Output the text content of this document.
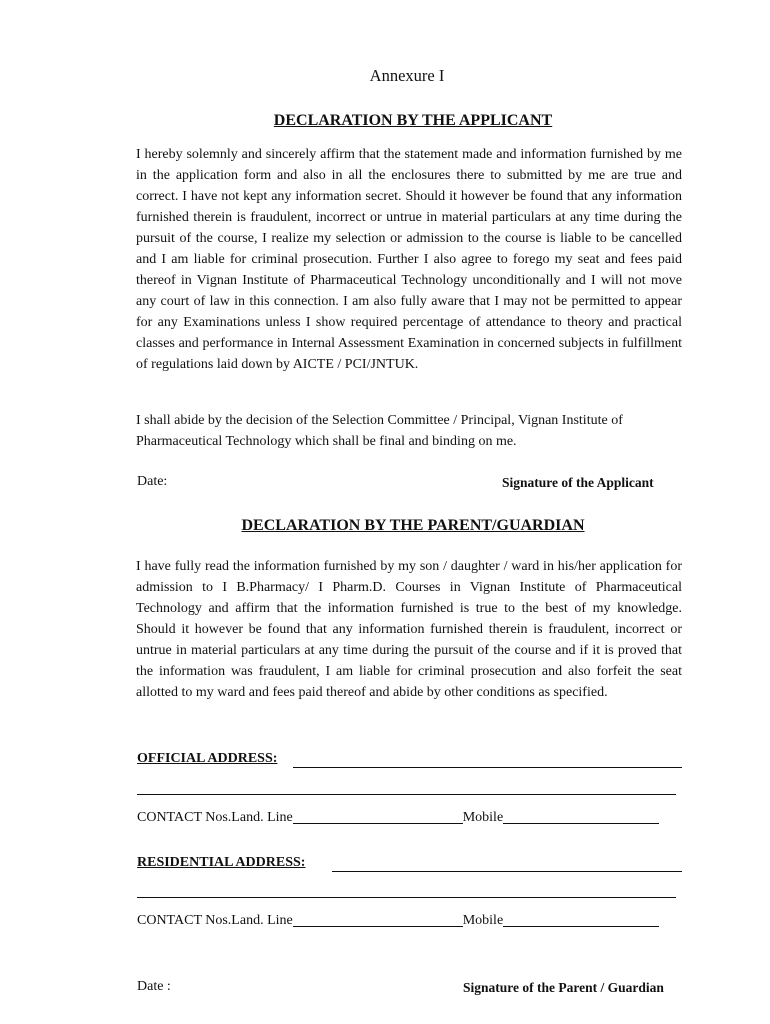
Annexure I
DECLARATION BY THE APPLICANT

I hereby solemnly and sincerely affirm that the statement made and information furnished by me in the application form and also in all the enclosures there to submitted by me are true and correct. I have not kept any information secret. Should it however be found that any information furnished therein is fraudulent, incorrect or untrue in material particulars at any time during the pursuit of the course, I realize my selection or admission to the course is liable to be cancelled and I am liable for criminal prosecution. Further I also agree to forego my seat and fees paid thereof in Vignan Institute of Pharmaceutical Technology unconditionally and I will not move any court of law in this connection. I am also fully aware that I may not be permitted to appear for any Examinations unless I show required percentage of attendance to theory and practical classes and performance in Internal Assessment Examination in concerned subjects in fulfillment of regulations laid down by AICTE / PCI/JNTUK.

I shall abide by the decision of the Selection Committee / Principal, Vignan Institute of Pharmaceutical Technology which shall be final and binding on me.

Date:	Signature of the Applicant
DECLARATION BY THE PARENT/GUARDIAN

I have fully read the information furnished by my son / daughter / ward in his/her application for admission to I B.Pharmacy/ I Pharm.D. Courses in Vignan Institute of Pharmaceutical Technology and affirm that the information furnished is true to the best of my knowledge. Should it however be found that any information furnished therein is fraudulent, incorrect or untrue in material particulars at any time during the pursuit of the course and if it is proved that the information was fraudulent, I am liable for criminal prosecution and also forfeit the seat allotted to my ward and fees paid thereof and abide by other conditions as specified.

OFFICIAL ADDRESS:
CONTACT Nos.Land. Line	Mobile
RESIDENTIAL ADDRESS:
CONTACT Nos.Land. Line	Mobile
Date :	Signature of the Parent / Guardian
